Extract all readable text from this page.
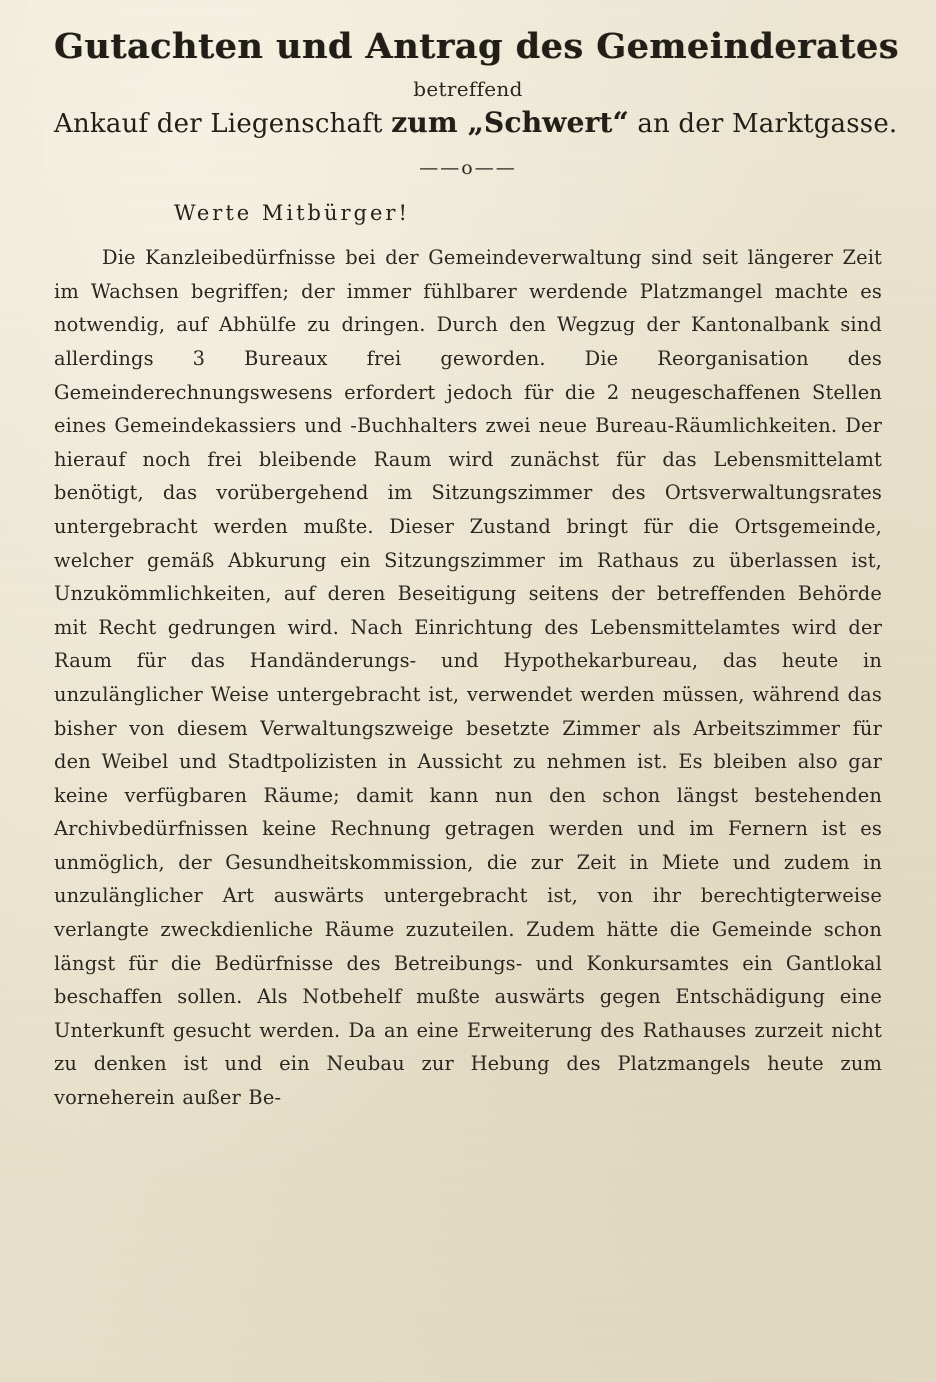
Gutachten und Antrag des Gemeinderates
betreffend
Ankauf der Liegenschaft zum „Schwert“ an der Marktgasse.
——o——
Werte Mitbürger!

Die Kanzleibedürfnisse bei der Gemeindeverwaltung sind seit längerer Zeit im Wachsen begriffen; der immer fühlbarer werdende Platzmangel machte es notwendig, auf Abhülfe zu dringen. Durch den Wegzug der Kantonalbank sind allerdings 3 Bureaux frei geworden. Die Reorganisation des Gemeinderechnungswesens erfordert jedoch für die 2 neugeschaffenen Stellen eines Gemeindekassiers und -Buchhalters zwei neue Bureau-Räumlichkeiten. Der hierauf noch frei bleibende Raum wird zunächst für das Lebensmittelamt benötigt, das vorübergehend im Sitzungszimmer des Ortsverwaltungsrates untergebracht werden mußte. Dieser Zustand bringt für die Ortsgemeinde, welcher gemäß Abkurung ein Sitzungszimmer im Rathaus zu überlassen ist, Unzukömmlichkeiten, auf deren Beseitigung seitens der betreffenden Behörde mit Recht gedrungen wird. Nach Einrichtung des Lebensmittelamtes wird der Raum für das Handänderungs- und Hypothekarbureau, das heute in unzulänglicher Weise untergebracht ist, verwendet werden müssen, während das bisher von diesem Verwaltungszweige besetzte Zimmer als Arbeitszimmer für den Weibel und Stadtpolizisten in Aussicht zu nehmen ist. Es bleiben also gar keine verfügbaren Räume; damit kann nun den schon längst bestehenden Archivbedürfnissen keine Rechnung getragen werden und im Fernern ist es unmöglich, der Gesundheitskommission, die zur Zeit in Miete und zudem in unzulänglicher Art auswärts untergebracht ist, von ihr berechtigterweise verlangte zweckdienliche Räume zuzuteilen. Zudem hätte die Gemeinde schon längst für die Bedürfnisse des Betreibungs- und Konkursamtes ein Gantlokal beschaffen sollen. Als Notbehelf mußte auswärts gegen Entschädigung eine Unterkunft gesucht werden. Da an eine Erweiterung des Rathauses zurzeit nicht zu denken ist und ein Neubau zur Hebung des Platzmangels heute zum vorneherein außer Be-
